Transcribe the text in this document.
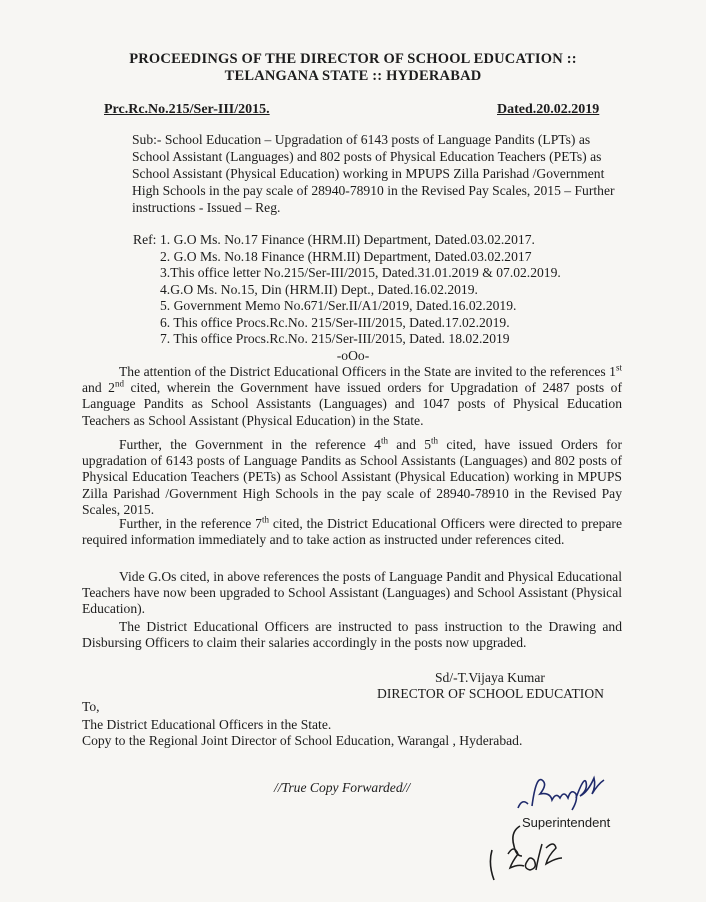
PROCEEDINGS OF THE DIRECTOR OF SCHOOL EDUCATION ::
TELANGANA STATE :: HYDERABAD
Prc.Rc.No.215/Ser-III/2015.	Dated.20.02.2019
Sub:- School Education – Upgradation of 6143 posts of Language Pandits (LPTs) as School Assistant (Languages) and 802 posts of Physical Education Teachers (PETs) as School Assistant (Physical Education) working in MPUPS Zilla Parishad /Government High Schools in the pay scale of 28940-78910 in the Revised Pay Scales, 2015 – Further instructions - Issued – Reg.
Ref: 1. G.O Ms. No.17 Finance (HRM.II) Department, Dated.03.02.2017.
2. G.O Ms. No.18 Finance (HRM.II) Department, Dated.03.02.2017
3.This office letter No.215/Ser-III/2015, Dated.31.01.2019 & 07.02.2019.
4.G.O Ms. No.15, Din (HRM.II) Dept., Dated.16.02.2019.
5. Government Memo No.671/Ser.II/A1/2019, Dated.16.02.2019.
6. This office Procs.Rc.No. 215/Ser-III/2015, Dated.17.02.2019.
7. This office Procs.Rc.No. 215/Ser-III/2015, Dated. 18.02.2019
-oOo-
The attention of the District Educational Officers in the State are invited to the references 1st and 2nd cited, wherein the Government have issued orders for Upgradation of 2487 posts of Language Pandits as School Assistants (Languages) and 1047 posts of Physical Education Teachers as School Assistant (Physical Education) in the State.
Further, the Government in the reference 4th and 5th cited, have issued Orders for upgradation of 6143 posts of Language Pandits as School Assistants (Languages) and 802 posts of Physical Education Teachers (PETs) as School Assistant (Physical Education) working in MPUPS Zilla Parishad /Government High Schools in the pay scale of 28940-78910 in the Revised Pay Scales, 2015.
Further, in the reference 7th cited, the District Educational Officers were directed to prepare required information immediately and to take action as instructed under references cited.
Vide G.Os cited, in above references the posts of Language Pandit and Physical Educational Teachers have now been upgraded to School Assistant (Languages) and School Assistant (Physical Education).
The District Educational Officers are instructed to pass instruction to the Drawing and Disbursing Officers to claim their salaries accordingly in the posts now upgraded.
Sd/-T.Vijaya Kumar
DIRECTOR OF SCHOOL EDUCATION
To,
The District Educational Officers in the State.
Copy to the Regional Joint Director of School Education, Warangal , Hyderabad.
//True Copy Forwarded//
Superintendent
